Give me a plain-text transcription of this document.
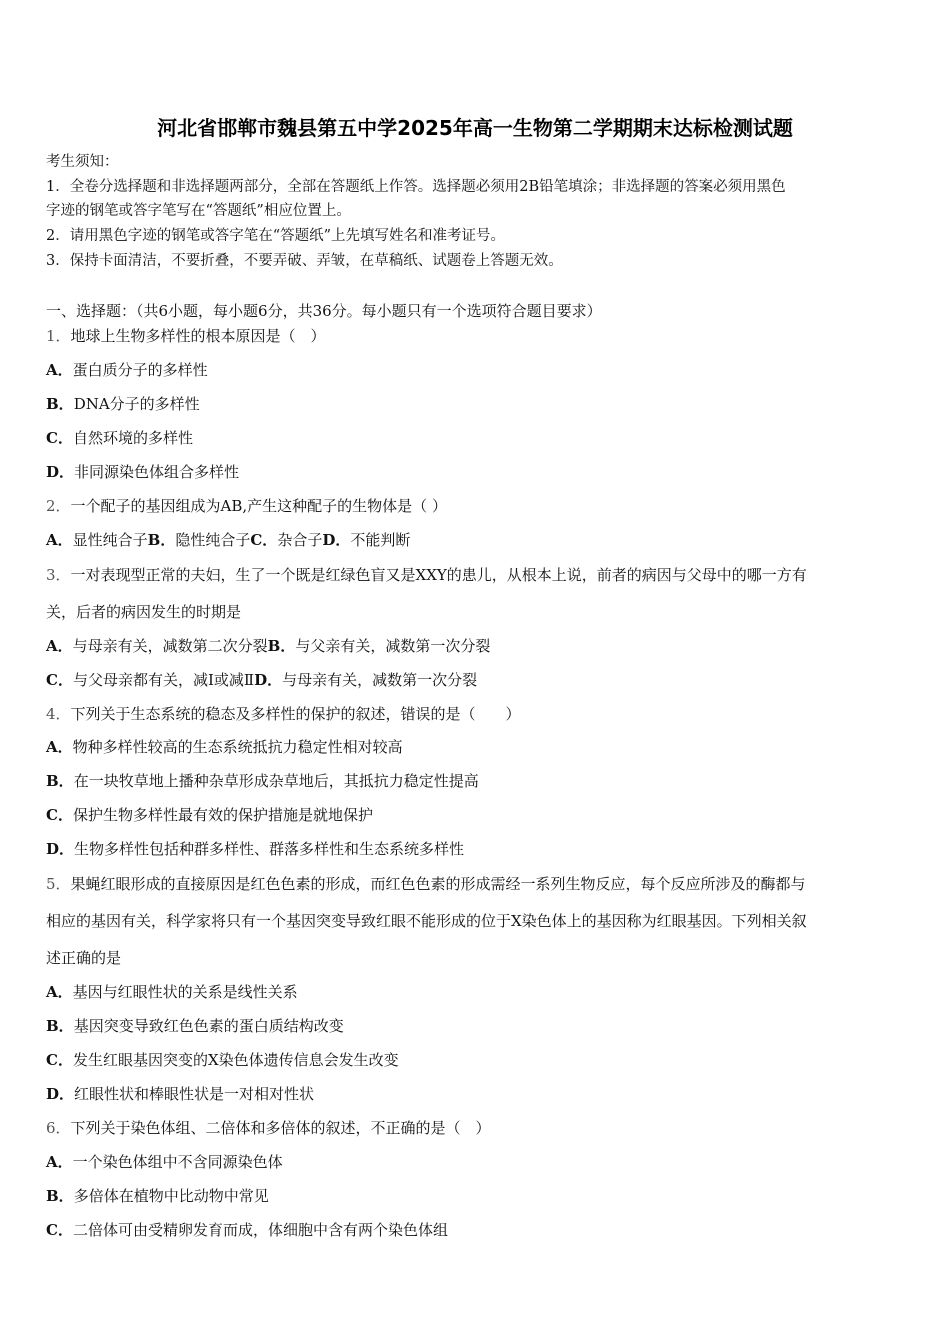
河北省邯郸市魏县第五中学2025年高一生物第二学期期末达标检测试题
考生须知：
1．全卷分选择题和非选择题两部分，全部在答题纸上作答。选择题必须用2B铅笔填涂；非选择题的答案必须用黑色
字迹的钢笔或答字笔写在“答题纸”相应位置上。
2．请用黑色字迹的钢笔或答字笔在“答题纸”上先填写姓名和准考证号。
3．保持卡面清洁，不要折叠，不要弄破、弄皱，在草稿纸、试题卷上答题无效。
一、选择题：（共6小题，每小题6分，共36分。每小题只有一个选项符合题目要求）
1．地球上生物多样性的根本原因是（　）
A．蛋白质分子的多样性
B．DNA分子的多样性
C．自然环境的多样性
D．非同源染色体组合多样性
2．一个配子的基因组成为AB,产生这种配子的生物体是（ ）
A．显性纯合子B．隐性纯合子C．杂合子D．不能判断
3．一对表现型正常的夫妇，生了一个既是红绿色盲又是XXY的患儿，从根本上说，前者的病因与父母中的哪一方有
关，后者的病因发生的时期是
A．与母亲有关，减数第二次分裂B．与父亲有关，减数第一次分裂
C．与父母亲都有关，减Ⅰ或减ⅡD．与母亲有关，减数第一次分裂
4．下列关于生态系统的稳态及多样性的保护的叙述，错误的是（　　）
A．物种多样性较高的生态系统抵抗力稳定性相对较高
B．在一块牧草地上播种杂草形成杂草地后，其抵抗力稳定性提高
C．保护生物多样性最有效的保护措施是就地保护
D．生物多样性包括种群多样性、群落多样性和生态系统多样性
5．果蝇红眼形成的直接原因是红色色素的形成，而红色色素的形成需经一系列生物反应，每个反应所涉及的酶都与
相应的基因有关，科学家将只有一个基因突变导致红眼不能形成的位于X染色体上的基因称为红眼基因。下列相关叙
述正确的是
A．基因与红眼性状的关系是线性关系
B．基因突变导致红色色素的蛋白质结构改变
C．发生红眼基因突变的X染色体遗传信息会发生改变
D．红眼性状和棒眼性状是一对相对性状
6．下列关于染色体组、二倍体和多倍体的叙述，不正确的是（　）
A．一个染色体组中不含同源染色体
B．多倍体在植物中比动物中常见
C．二倍体可由受精卵发育而成，体细胞中含有两个染色体组
